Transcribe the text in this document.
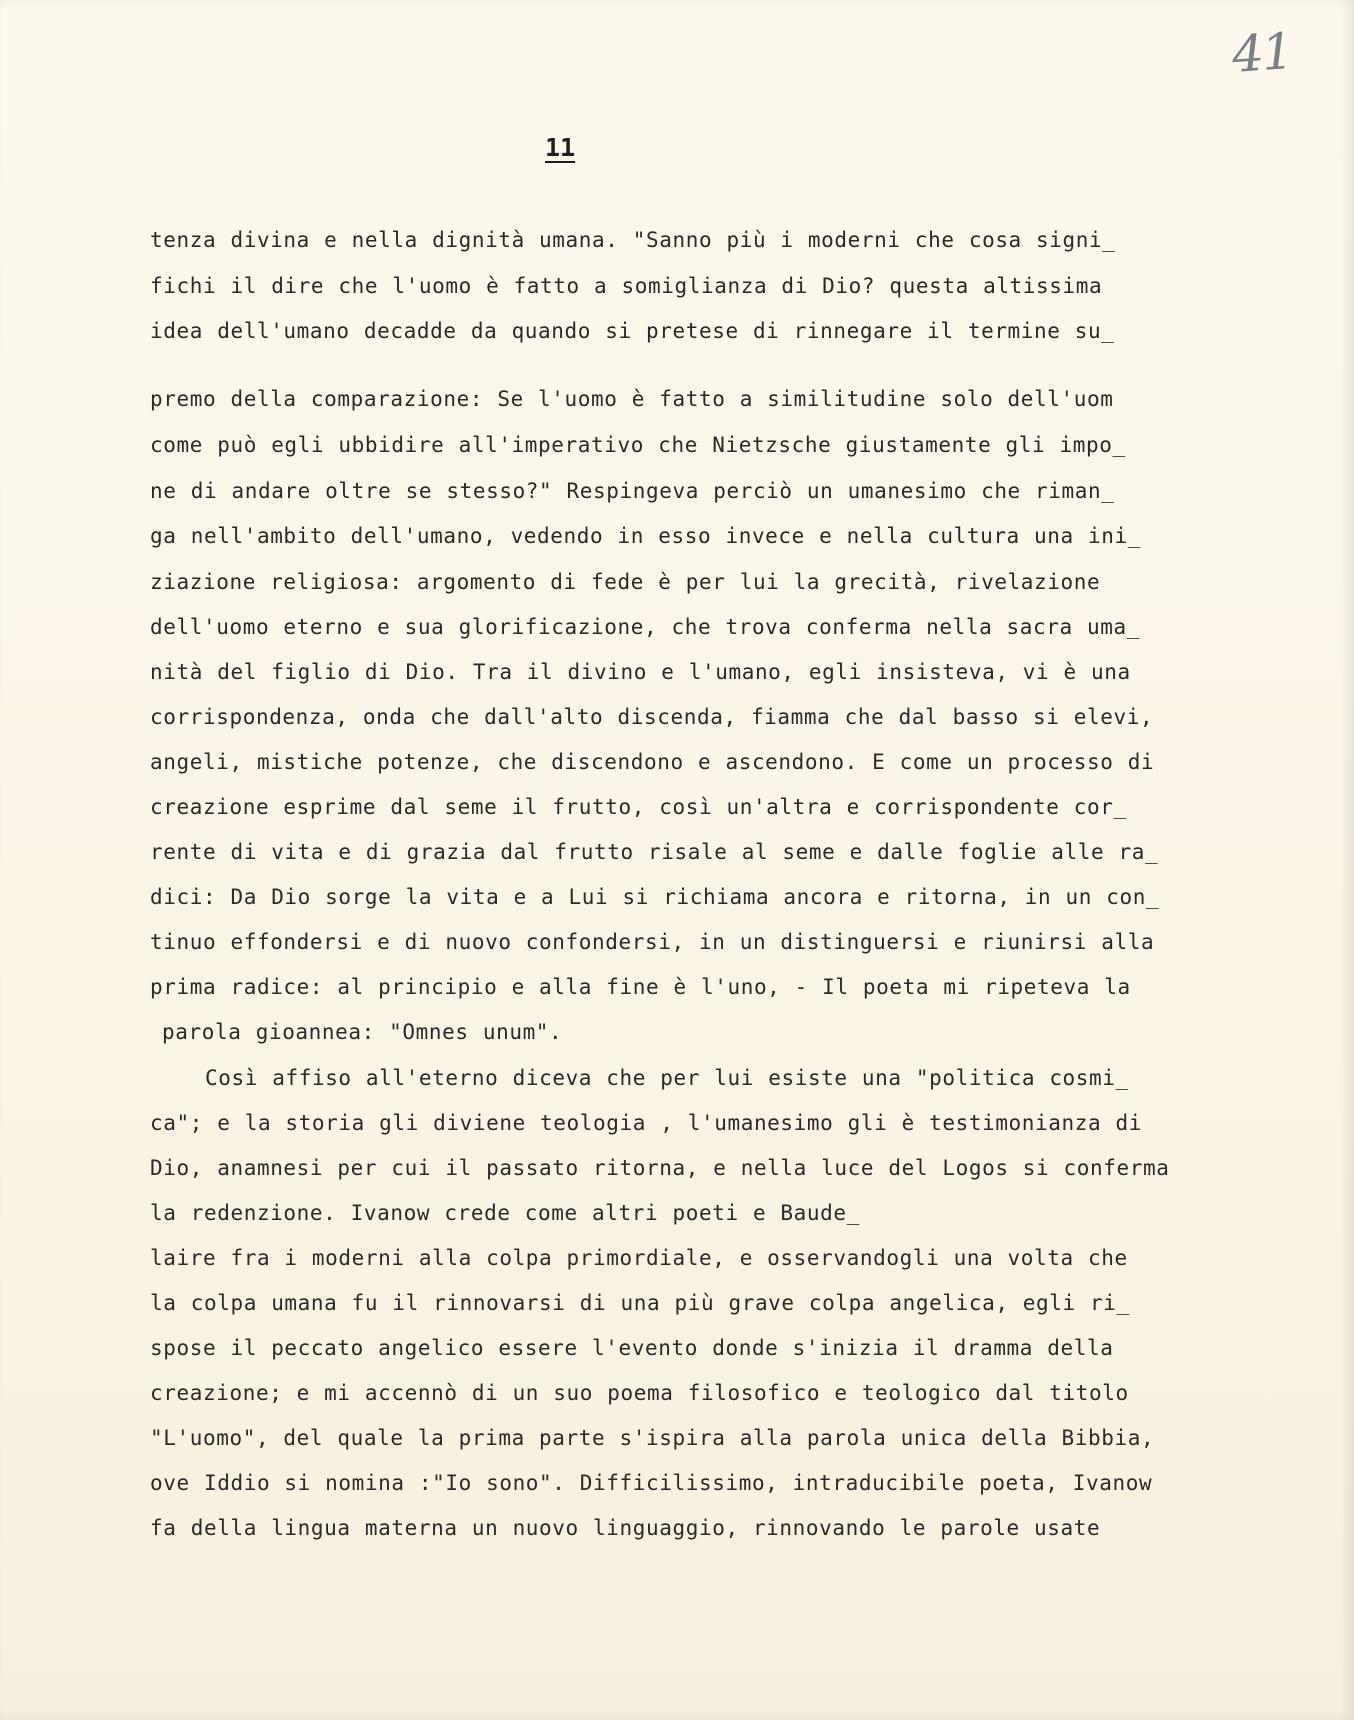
41
11
tenza divina e nella dignità umana. "Sanno più i moderni che cosa signi_
fichi il dire che l'uomo è fatto a somiglianza di Dio? questa altissima
idea dell'umano decadde da quando si pretese di rinnegare il termine su_
premo della comparazione: Se l'uomo è fatto a similitudine solo dell'uom
come può egli ubbidire all'imperativo che Nietzsche giustamente gli impo_
ne di andare oltre se stesso?" Respingeva perciò un umanesimo che riman_
ga nell'ambito dell'umano, vedendo in esso invece e nella cultura una ini_
ziazione religiosa: argomento di fede è per lui la grecità, rivelazione
dell'uomo eterno e sua glorificazione, che trova conferma nella sacra uma_
nità del figlio di Dio. Tra il divino e l'umano, egli insisteva, vi è una
corrispondenza, onda che dall'alto discenda, fiamma che dal basso si elevi,
angeli, mistiche potenze, che discendono e ascendono. E come un processo di
creazione esprime dal seme il frutto, così un'altra e corrispondente cor_
rente di vita e di grazia dal frutto risale al seme e dalle foglie alle ra_
dici: Da Dio sorge la vita e a Lui si richiama ancora e ritorna, in un con_
tinuo effondersi e di nuovo confondersi, in un distinguersi e riunirsi alla
prima radice: al principio e alla fine è l'uno, - Il poeta mi ripeteva la
parola gioannea: "Omnes unum".
Così affiso all'eterno diceva che per lui esiste una "politica cosmi_
ca"; e la storia gli diviene teologia , l'umanesimo gli è testimonianza di
Dio, anamnesi per cui il passato ritorna, e nella luce del Logos si conferma
la redenzione. Ivanow crede come altri poeti e Baude_
laire fra i moderni alla colpa primordiale, e osservandogli una volta che
la colpa umana fu il rinnovarsi di una più grave colpa angelica, egli ri_
spose il peccato angelico essere l'evento donde s'inizia il dramma della
creazione; e mi accennò di un suo poema filosofico e teologico dal titolo
"L'uomo", del quale la prima parte s'ispira alla parola unica della Bibbia,
ove Iddio si nomina :"Io sono". Difficilissimo, intraducibile poeta, Ivanow
fa della lingua materna un nuovo linguaggio, rinnovando le parole usate
